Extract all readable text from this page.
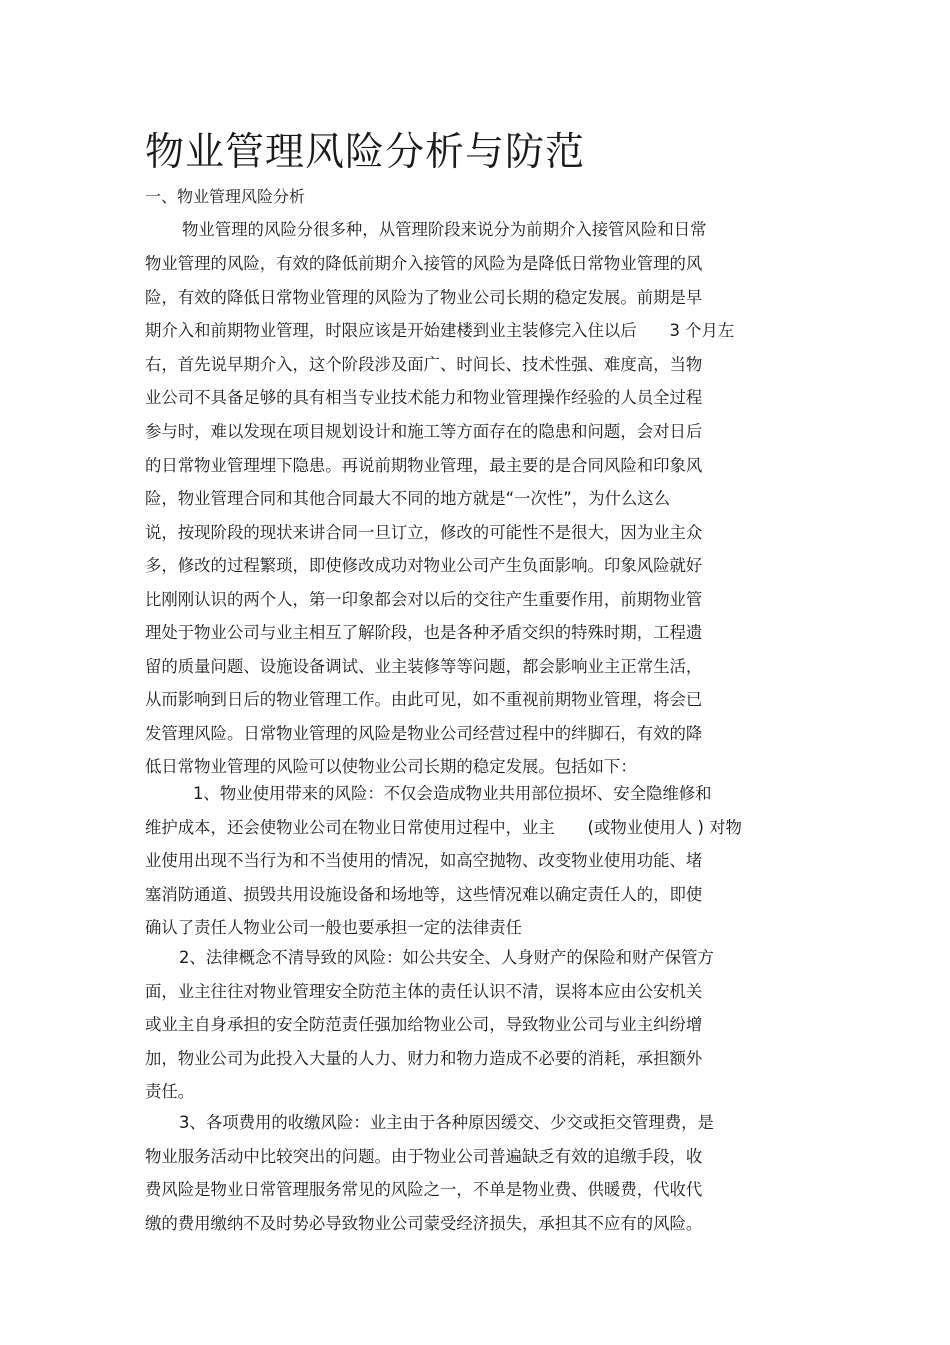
物业管理风险分析与防范
一、物业管理风险分析
物业管理的风险分很多种，从管理阶段来说分为前期介入接管风险和日常
物业管理的风险，有效的降低前期介入接管的风险为是降低日常物业管理的风
险，有效的降低日常物业管理的风险为了物业公司长期的稳定发展。前期是早
期介入和前期物业管理，时限应该是开始建楼到业主装修完入住以后　　3 个月左
右，首先说早期介入，这个阶段涉及面广、时间长、技术性强、难度高，当物
业公司不具备足够的具有相当专业技术能力和物业管理操作经验的人员全过程
参与时，难以发现在项目规划设计和施工等方面存在的隐患和问题，会对日后
的日常物业管理埋下隐患。再说前期物业管理，最主要的是合同风险和印象风
险，物业管理合同和其他合同最大不同的地方就是“一次性”，为什么这么
说，按现阶段的现状来讲合同一旦订立，修改的可能性不是很大，因为业主众
多，修改的过程繁琐，即使修改成功对物业公司产生负面影响。印象风险就好
比刚刚认识的两个人，第一印象都会对以后的交往产生重要作用，前期物业管
理处于物业公司与业主相互了解阶段，也是各种矛盾交织的特殊时期，工程遗
留的质量问题、设施设备调试、业主装修等等问题，都会影响业主正常生活，
从而影响到日后的物业管理工作。由此可见，如不重视前期物业管理，将会已
发管理风险。日常物业管理的风险是物业公司经营过程中的绊脚石，有效的降
低日常物业管理的风险可以使物业公司长期的稳定发展。包括如下：
1、物业使用带来的风险：不仅会造成物业共用部位损坏、安全隐维修和
维护成本，还会使物业公司在物业日常使用过程中，业主　　(或物业使用人 ) 对物
业使用出现不当行为和不当使用的情况，如高空抛物、改变物业使用功能、堵
塞消防通道、损毁共用设施设备和场地等，这些情况难以确定责任人的，即使
确认了责任人物业公司一般也要承担一定的法律责任
2、法律概念不清导致的风险：如公共安全、人身财产的保险和财产保管方
面，业主往往对物业管理安全防范主体的责任认识不清，误将本应由公安机关
或业主自身承担的安全防范责任强加给物业公司，导致物业公司与业主纠纷增
加，物业公司为此投入大量的人力、财力和物力造成不必要的消耗，承担额外
责任。
3、各项费用的收缴风险：业主由于各种原因缓交、少交或拒交管理费，是
物业服务活动中比较突出的问题。由于物业公司普遍缺乏有效的追缴手段，收
费风险是物业日常管理服务常见的风险之一，不单是物业费、供暖费，代收代
缴的费用缴纳不及时势必导致物业公司蒙受经济损失，承担其不应有的风险。
